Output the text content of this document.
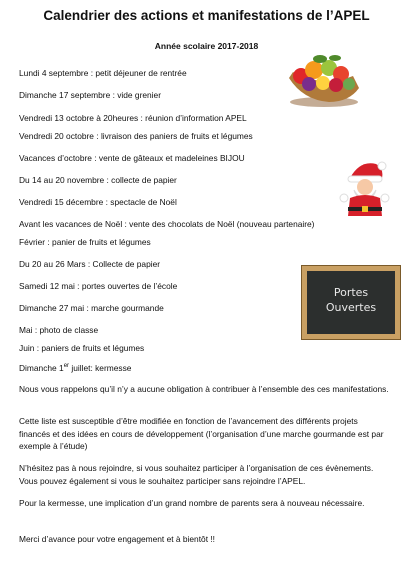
Calendrier des actions et manifestations de l’APEL
Année scolaire 2017-2018
Lundi 4 septembre : petit déjeuner de rentrée
Dimanche 17 septembre : vide grenier
Vendredi 13 octobre à 20heures : réunion d’information APEL
Vendredi 20 octobre : livraison des paniers de fruits et légumes
Vacances d’octobre : vente de gâteaux et madeleines BIJOU
Du 14 au 20 novembre : collecte de papier
Vendredi 15 décembre : spectacle de Noël
Avant les vacances de Noël : vente des chocolats de Noël (nouveau partenaire)
Février : panier de fruits et légumes
Du 20 au 26 Mars : Collecte de papier
Samedi 12 mai : portes ouvertes de l’école
Dimanche 27 mai : marche gourmande
Mai : photo de classe
Juin : paniers de fruits et légumes
Dimanche 1er juillet: kermesse
Nous vous rappelons qu’il n’y a aucune obligation à contribuer à l’ensemble des ces manifestations.
Cette liste est susceptible d’être modifiée en fonction de l’avancement des différents projets financés et des idées en cours de développement (l’organisation d’une marche gourmande est par exemple à l’étude)
N’hésitez pas à nous rejoindre, si vous souhaitez participer à l’organisation de ces évènements. Vous pouvez également si vous le souhaitez participer sans rejoindre l’APEL.
Pour la kermesse, une implication d’un grand nombre de parents sera à nouveau nécessaire.
Merci d’avance pour votre engagement et à bientôt !!
Portes
Ouvertes
